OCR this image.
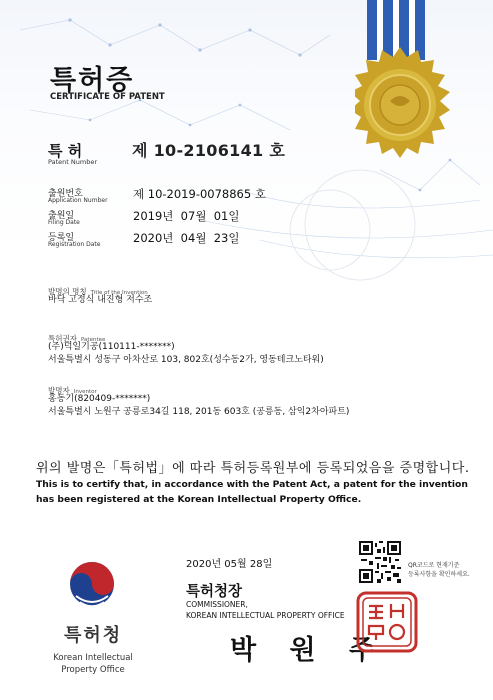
특허증
CERTIFICATE OF PATENT
특 허
Patent Number
제 10-2106141 호
출원번호
Application Number 제 10-2019-0078865 호
출원일
Filing Date	2019년  07월  01일
등록일
Registration Date	2020년  04월  23일
발명의 명칭 Title of the Invention
바닥 고정식 내진형 저수조
특허권자 Patentee
(주)덕일기공(110111-*******)
서울특별시 성동구 아차산로 103, 802호(성수동2가, 영동테크노타워)
발명자 Inventor
홍동기(820409-*******)
서울특별시 노원구 공릉로34길 118, 201동 603호 (공릉동, 삼익2차아파트)
위의 발명은「특허법」에 따라 특허등록원부에 등록되었음을 증명합니다.
This is to certify that, in accordance with the Patent Act, a patent for the invention has been registered at the Korean Intellectual Property Office.
특허청
Korean Intellectual
Property Office
2020년 05월 28일
특허청장
COMMISSIONER,
KOREAN INTELLECTUAL PROPERTY OFFICE
박 원 주
QR코드로 현재기준
등록사항을 확인하세요.
